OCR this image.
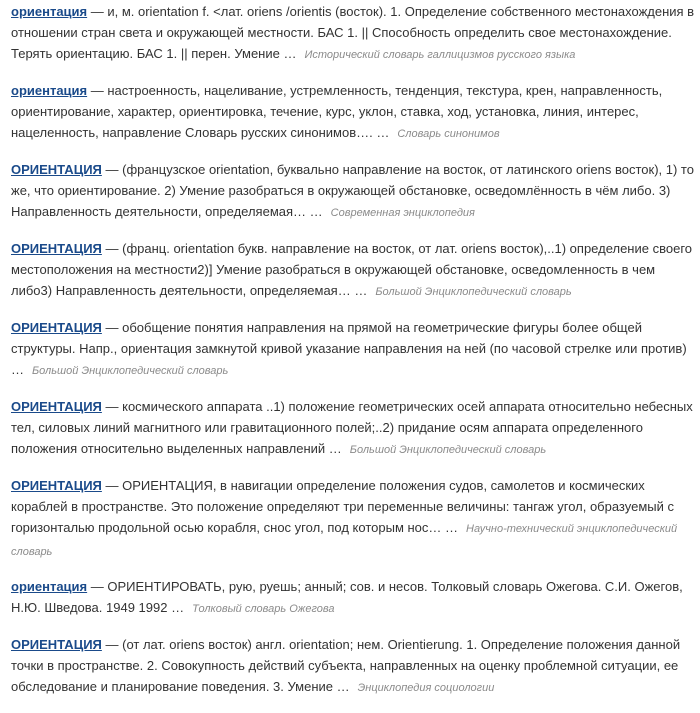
ориентация — и, м. orientation f. <лат. oriens /orientis (восток). 1. Определение собственного местонахождения в отношении стран света и окружающей местности. БАС 1. || Способность определить свое местонахождение. Терять ориентацию. БАС 1. || перен. Умение … Исторический словарь галлицизмов русского языка
ориентация — настроенность, нацеливание, устремленность, тенденция, текстура, крен, направленность, ориентирование, характер, ориентировка, течение, курс, уклон, ставка, ход, установка, линия, интерес, нацеленность, направление Словарь русских синонимов…. … Словарь синонимов
ОРИЕНТАЦИЯ — (французское orientation, буквально направление на восток, от латинского oriens восток), 1) то же, что ориентирование. 2) Умение разобраться в окружающей обстановке, осведомлённость в чём либо. 3) Направленность деятельности, определяемая… … Современная энциклопедия
ОРИЕНТАЦИЯ — (франц. orientation букв. направление на восток, от лат. oriens восток),..1) определение своего местоположения на местности2)] Умение разобраться в окружающей обстановке, осведомленность в чем либо3) Направленность деятельности, определяемая… … Большой Энциклопедический словарь
ОРИЕНТАЦИЯ — обобщение понятия направления на прямой на геометрические фигуры более общей структуры. Напр., ориентация замкнутой кривой указание направления на ней (по часовой стрелке или против) … Большой Энциклопедический словарь
ОРИЕНТАЦИЯ — космического аппарата ..1) положение геометрических осей аппарата относительно небесных тел, силовых линий магнитного или гравитационного полей;..2) придание осям аппарата определенного положения относительно выделенных направлений … Большой Энциклопедический словарь
ОРИЕНТАЦИЯ — ОРИЕНТАЦИЯ, в навигации определение положения судов, самолетов и космических кораблей в пространстве. Это положение определяют три переменные величины: тангаж угол, образуемый с горизонталью продольной осью корабля, снос угол, под которым нос… … Научно-технический энциклопедический словарь
ориентация — ОРИЕНТИРОВАТЬ, рую, руешь; анный; сов. и несов. Толковый словарь Ожегова. С.И. Ожегов, Н.Ю. Шведова. 1949 1992 … Толковый словарь Ожегова
ОРИЕНТАЦИЯ — (от лат. oriens восток) англ. orientation; нем. Orientierung. 1. Определение положения данной точки в пространстве. 2. Совокупность действий субъекта, направленных на оценку проблемной ситуации, ее обследование и планирование поведения. 3. Умение … Энциклопедия социологии
